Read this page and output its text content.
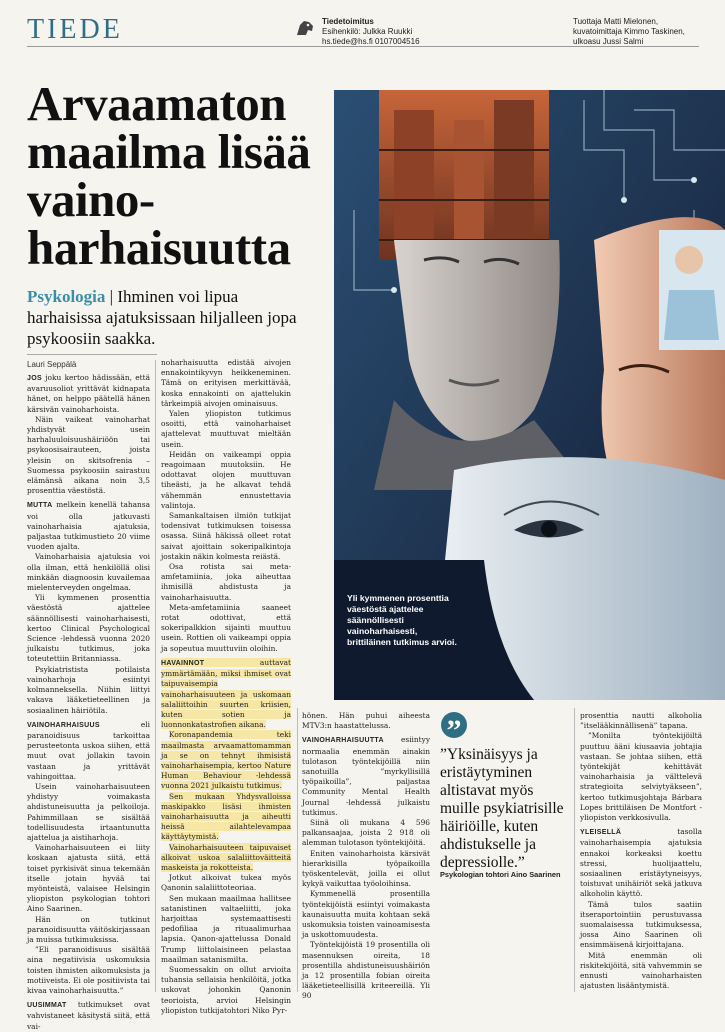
TIEDE	Tiedetoimitus
Esihenkilö: Julkka Ruukki
hs.tiede@hs.fi 0107004516
Tuottaja Matti Mielonen,
kuvatoimittaja Kimmo Taskinen,
ulkoasu Jussi Salmi
Arvaamaton maailma lisää vaino-harhaisuutta
Psykologia | Ihminen voi lipua harhaisissa ajatuksissaan hiljalleen jopa psykoosiin saakka.
Lauri Seppälä
Yli kymmenen prosenttia väestöstä ajattelee säännöllisesti vainoharhaisesti, brittiläinen tutkimus arvioi.

JOS joku kertoo hädissään, että avaruusoliot yrittävät kidnapata hänet, on helppo päätellä hänen kärsivän vainoharhoista.

Näin vaikeat vainoharhat yhdistyvät usein harhaluuloisuushäiriöön tai psykoosisairauteen, joista yleisin on skitsofrenia – Suomessa psykoosiin sairastuu elämänsä aikana noin 3,5 prosenttia väestöstä.

MUTTA melkein kenellä tahansa voi olla jatkuvasti vainoharhaisia ajatuksia, paljastaa tutkimustieto 20 viime vuoden ajalta.

Vainoharhaisia ajatuksia voi olla ilman, että henkilöllä olisi minkään diagnoosin kuvailemaa mielenterveyden ongelmaa.

Yli kymmenen prosenttia väestöstä ajattelee säännöllisesti vainoharhaisesti, kertoo Clinical Psychological Science -lehdessä vuonna 2020 julkaistu tutkimus, joka toteutettiin Britanniassa.

Psykiatristista potilaista vainoharhoja esiintyi kolmanneksella. Niihin liittyi vakava lääketieteellinen ja sosiaalinen häiriötila.

VAINOHARHAISUUS eli paranoidisuus tarkoittaa perusteetonta uskoa siihen, että muut ovat jollakin tavoin vastaan ja yrittävät vahingoittaa.

Usein vainoharhaisuuteen yhdistyy voimakasta ahdistuneisuutta ja pelkoiloja. Pahimmillaan se sisältää todellisuudesta irtaantunutta ajattelua ja aistiharhoja.

Vainoharhaisuuteen ei liity koskaan ajatusta siitä, että toiset pyrkisivät sinua tekemään itselle jotain hyvää tai myönteistä, valaisee Helsingin yliopiston psykologian tohtori Aino Saarinen.

Hän on tutkinut paranoidisuutta väitöskirjassaan ja muissa tutkimuksissa.

”Eli paranoidisuus sisältää aina negatiivisia uskomuksia toisten ihmisten aikomuksista ja motiiveista. Ei ole positiivista tai kivaa vainoharhaisuutta.”

UUSIMMAT tutkimukset ovat vahvistaneet käsitystä siitä, että vai-

noharhaisuutta edistää aivojen ennakointikyvyn heikkeneminen. Tämä on erityisen merkittävää, koska ennakointi on ajattelukin tärkeimpiä aivojen ominaisuus.

Yalen yliopiston tutkimus osoitti, että vainoharhaiset ajattelevat muuttuvat mieltään usein.

Heidän on vaikeampi oppia reagoimaan muutoksiin. He odottavat olojen muuttuvan tiheästi, ja he alkavat tehdä vähemmän ennustettavia valintoja.

Samankaltaisen ilmiön tutkijat todensivat tutkimuksen toisessa osassa. Siinä häkissä olleet rotat saivat ajoittain sokeripalkintoja jostakin näkin kolmesta reiästä.

Osa rotista sai meta-amfetamiinia, joka aiheuttaa ihmisillä ahdistusta ja vainoharhaisuutta.

Meta-amfetamiinia saaneet rotat odottivat, että sokeripalkkion sijainti muuttuu usein. Rottien oli vaikeampi oppia ja sopeutua muuttuviin oloihin.

HAVAINNOT auttavat ymmärtämään, miksi ihmiset ovat taipuvaisempia vainoharhaisuuteen ja uskomaan salaliittoihin suurten kriisien, kuten sotien ja luonnonkatastrofien aikana.

Koronapandemia teki maailmasta arvaamattomamman ja se on tehnyt ihmisistä vainoharhaisempia, kertoo Nature Human Behaviour -lehdessä vuonna 2021 julkaistu tutkimus.

Sen mukaan Yhdysvalloissa maskipakko lisäsi ihmisten vainoharhaisuutta ja aiheutti heissä ailahtelevampaa käyttäytymistä.

Vainoharhaisuuteen taipuvaiset alkoivat uskoa salaliittoväitteitä maskeista ja rokotteista.

Jotkut alkoivat tukea myös Qanonin salaliittoteoriaa.

Sen mukaan maailmaa hallitsee satanistinen valtaeliitti, joka harjoittaa systemaattisesti pedofiliaa ja rituaalimurhaa lapsia. Qanon-ajattelussa Donald Trump liittolaisineen pelastaa maailman satanismilta.

Suomessakin on ollut arvioita tuhansia sellaisia henkilöitä, jotka uskovat johonkin Qanonin teorioista, arvioi Helsingin yliopiston tutkijatohtori Niko Pyr-

hönen. Hän puhui aiheesta MTV3:n haastattelussa.

VAINOHARHAISUUTTA esiintyy normaalia enemmän ainakin tulotason työntekijöillä niin sanotuilla ”myrkyllisillä työpaikoilla”, paljastaa Community Mental Health Journal -lehdessä julkaistu tutkimus.

Siinä oli mukana 4 596 palkansaajaa, joista 2 918 oli alemman tulotason työntekijöitä.

Eniten vainoharhoista kärsivät hierarkisilla työpaikoilla työskentelevät, joilla ei ollut kykyä vaikuttaa työoloihinsa.

Kymmenellä prosentilla työntekijöistä esiintyi voimakasta kaunaisuutta muita kohtaan sekä uskomuksia toisten vainoamisesta ja uskottomuudesta.

Työntekijöistä 19 prosentilla oli masennuksen oireita, 18 prosentilla ahdistuneisuushäiriön ja 12 prosentilla fobian oireita lääketieteellisillä kriteereillä. Yli 90

”
”Yksinäisyys ja eristäytyminen altistavat myös muille psykiatrisille häiriöille, kuten ahdistukselle ja depressiolle.”
Psykologian tohtori Aino Saarinen

prosenttia nautti alkoholia ”itselääkinnällisenä” tapana.

”Monilta työntekijöiltä puuttuu ääni kiusaavia johtajia vastaan. Se johtaa siihen, että työntekijät kehittävät vainoharhaisia ja välttelevä strategioita selviytyäkseen”, kertoo tutkimusjohtaja Bárbara Lopes brittiläisen De Montfort -yliopiston verkkosivulla.

YLEISELLÄ tasolla vainoharhaisempia ajatuksia ennakoi korkeaksi koettu stressi, huolijaattelu, sosiaalinen eristäytyneisyys, toistuvat unihäiriöt sekä jatkuva alkoholin käyttö.

Tämä tulos saatiin itseraportointiin perustuvassa suomalaisessa tutkimuksessa, jossa Aino Saarinen oli ensimmäisenä kirjoittajana.

Mitä enemmän oli riskitekijöitä, sitä vahvemmin se ennusti vainoharhaisten ajatusten lisääntymistä.
